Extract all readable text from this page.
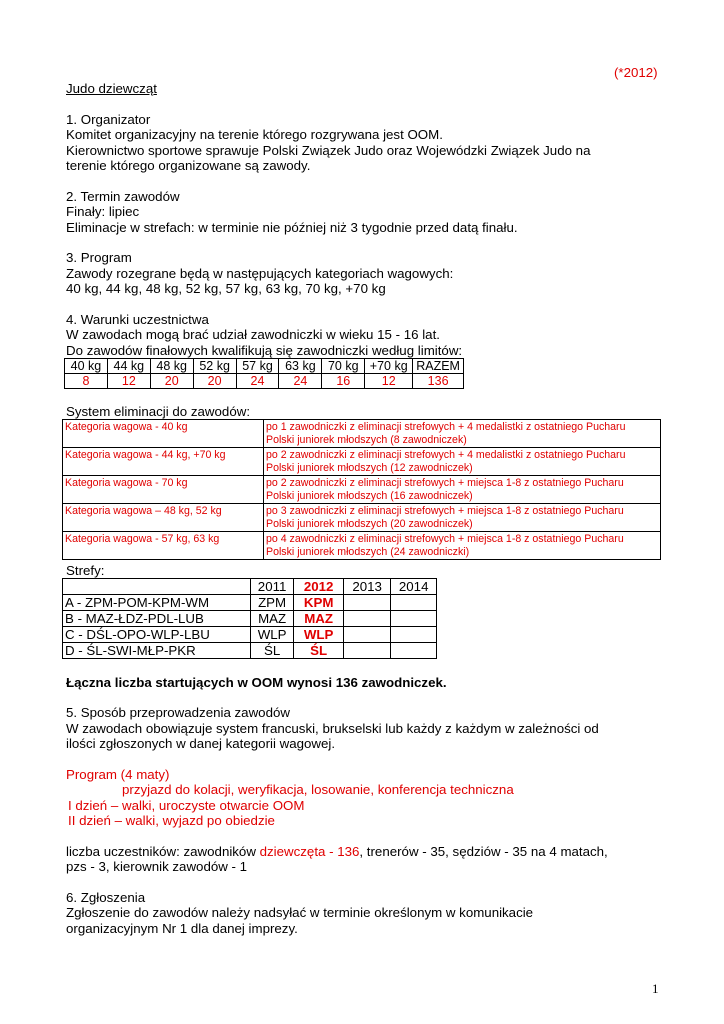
(*2012)
Judo dziewcząt
1. Organizator
Komitet organizacyjny na terenie którego rozgrywana jest OOM.
Kierownictwo sportowe sprawuje Polski Związek Judo oraz Wojewódzki Związek Judo na
terenie którego organizowane są zawody.
2. Termin zawodów
Finały: lipiec
Eliminacje w strefach: w terminie nie później niż 3 tygodnie przed datą finału.
3. Program
Zawody rozegrane będą w następujących kategoriach wagowych:
40 kg, 44 kg, 48 kg, 52 kg, 57 kg, 63 kg, 70 kg, +70 kg
4. Warunki uczestnictwa
W zawodach mogą brać udział zawodniczki w wieku 15 - 16 lat.
Do zawodów finałowych kwalifikują się zawodniczki według limitów:
40 kg	44 kg	48 kg	52 kg	57 kg	63 kg	70 kg	+70 kg	RAZEM
8	12	20	20	24	24	16	12	136
System eliminacji do zawodów:
Kategoria wagowa - 40 kg	po 1 zawodniczki z eliminacji strefowych + 4 medalistki z ostatniego Pucharu
Polski juniorek młodszych (8 zawodniczek)

Kategoria wagowa - 44 kg, +70 kg	po 2 zawodniczki z eliminacji strefowych + 4 medalistki z ostatniego Pucharu
Polski juniorek młodszych (12 zawodniczek)

Kategoria wagowa - 70 kg	po 2 zawodniczki z eliminacji strefowych + miejsca 1-8 z ostatniego Pucharu
Polski juniorek młodszych (16 zawodniczek)

Kategoria wagowa – 48 kg, 52 kg	po 3 zawodniczki z eliminacji strefowych + miejsca 1-8 z ostatniego Pucharu
Polski juniorek młodszych (20 zawodniczek)

Kategoria wagowa - 57 kg, 63 kg	po 4 zawodniczki z eliminacji strefowych + miejsca 1-8 z ostatniego Pucharu
Polski juniorek młodszych (24 zawodniczki)
Strefy:
	2011	2012	2013	2014
A - ZPM-POM-KPM-WM	ZPM	KPM		
B - MAZ-ŁDZ-PDL-LUB	MAZ	MAZ		
C - DŚL-OPO-WLP-LBU	WLP	WLP		
D - ŚL-SWI-MŁP-PKR	ŚL	ŚL		
Łączna liczba startujących w OOM wynosi 136 zawodniczek.
5. Sposób przeprowadzenia zawodów
W zawodach obowiązuje system francuski, brukselski lub każdy z każdym w zależności od
ilości zgłoszonych w danej kategorii wagowej.
Program (4 maty)
przyjazd do kolacji, weryfikacja, losowanie, konferencja techniczna
I dzień – walki, uroczyste otwarcie OOM
II dzień – walki, wyjazd po obiedzie
liczba uczestników: zawodników dziewczęta - 136, trenerów - 35, sędziów - 35 na 4 matach,
pzs - 3, kierownik zawodów - 1
6. Zgłoszenia
Zgłoszenie do zawodów należy nadsyłać w terminie określonym w komunikacie
organizacyjnym Nr 1 dla danej imprezy.
1
